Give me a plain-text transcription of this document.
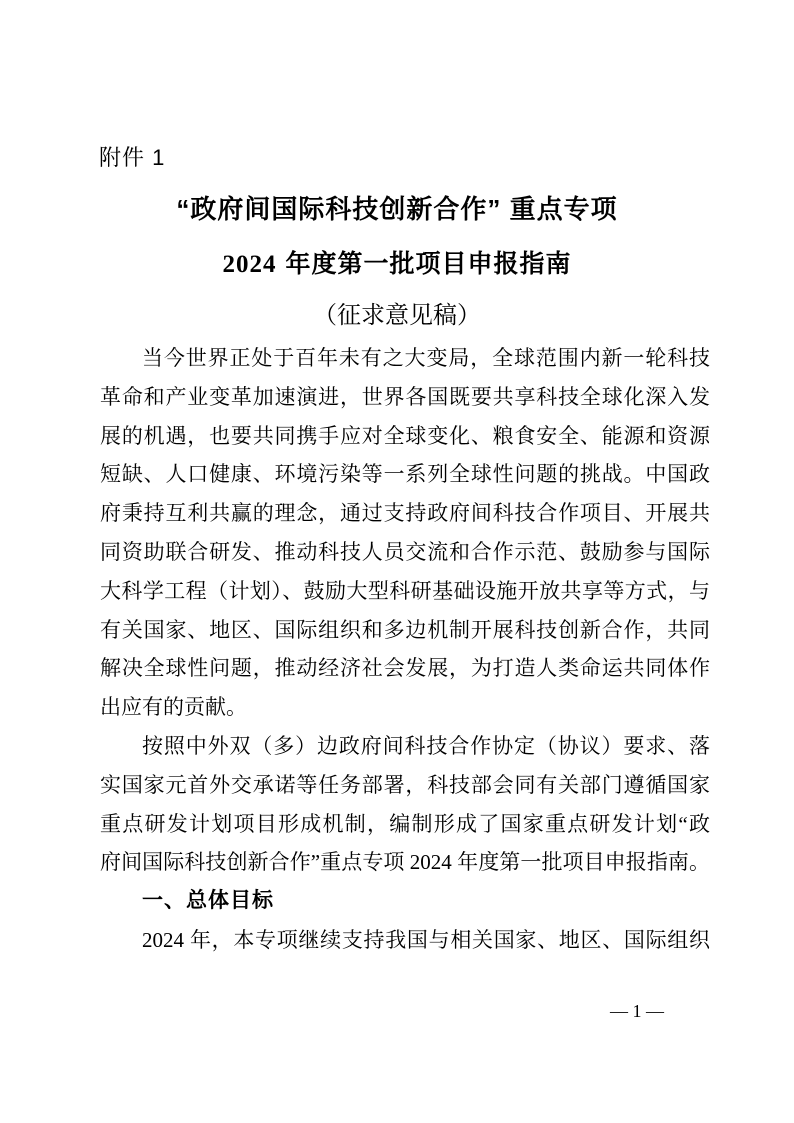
附件 1
“政府间国际科技创新合作” 重点专项
2024 年度第一批项目申报指南
（征求意见稿）
当今世界正处于百年未有之大变局，全球范围内新一轮科技
革命和产业变革加速演进，世界各国既要共享科技全球化深入发
展的机遇，也要共同携手应对全球变化、粮食安全、能源和资源
短缺、人口健康、环境污染等一系列全球性问题的挑战。中国政
府秉持互利共赢的理念，通过支持政府间科技合作项目、开展共
同资助联合研发、推动科技人员交流和合作示范、鼓励参与国际
大科学工程（计划）、鼓励大型科研基础设施开放共享等方式，与
有关国家、地区、国际组织和多边机制开展科技创新合作，共同
解决全球性问题，推动经济社会发展，为打造人类命运共同体作
出应有的贡献。
按照中外双（多）边政府间科技合作协定（协议）要求、落
实国家元首外交承诺等任务部署，科技部会同有关部门遵循国家
重点研发计划项目形成机制，编制形成了国家重点研发计划“政
府间国际科技创新合作”重点专项 2024 年度第一批项目申报指南。
一、总体目标
2024 年，本专项继续支持我国与相关国家、地区、国际组织
— 1 —
